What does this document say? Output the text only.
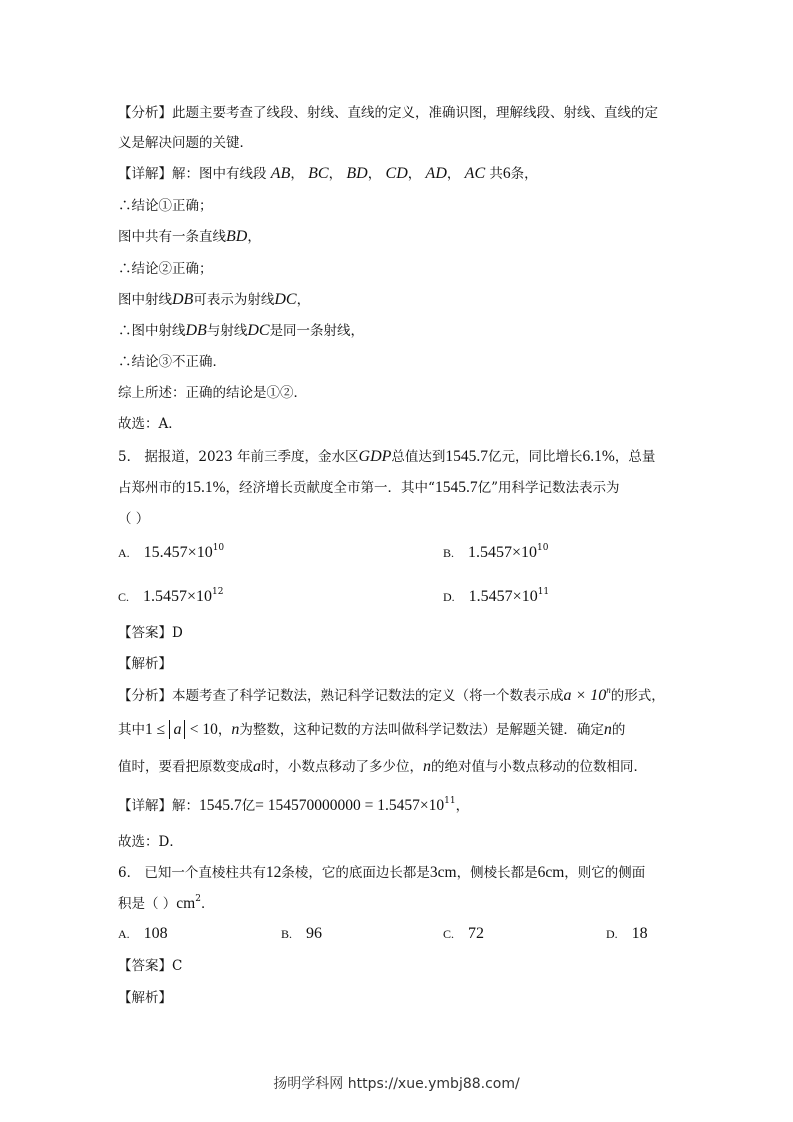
【分析】此题主要考查了线段、射线、直线的定义，准确识图，理解线段、射线、直线的定
义是解决问题的关键．
【详解】解：图中有线段 AB， BC， BD， CD， AD， AC 共6条，
∴结论①正确；
图中共有一条直线BD，
∴结论②正确；
图中射线DB可表示为射线DC，
∴图中射线DB与射线DC是同一条射线，
∴结论③不正确．
综上所述：正确的结论是①②．
故选：A．
5． 据报道，2023 年前三季度，金水区GDP总值达到1545.7亿元，同比增长6.1%，总量
占郑州市的15.1%，经济增长贡献度全市第一．其中“1545.7亿”用科学记数法表示为
（ ）
A. $15.457\times 10^{10}$	B. $1.5457\times 10^{10}$
C. $1.5457\times 10^{12}$	D. $1.5457\times 10^{11}$
【答案】D
【解析】
【分析】本题考查了科学记数法，熟记科学记数法的定义（将一个数表示成$a \times 10^n$的形式，
其中1 ≤ a < 10，n为整数，这种记数的方法叫做科学记数法）是解题关键．确定n的
值时，要看把原数变成a时，小数点移动了多少位，n的绝对值与小数点移动的位数相同．
【详解】解：1545.7亿= $154570000000 = 1.5457\times 10^{11}$，
故选：D．
6． 已知一个直棱柱共有12条棱，它的底面边长都是3cm，侧棱长都是6cm，则它的侧面
积是（ ）$cm^2$．
A. 108	B. 96	C. 72	D. 18
【答案】C
【解析】
扬明学科网 https://xue.ymbj88.com/
